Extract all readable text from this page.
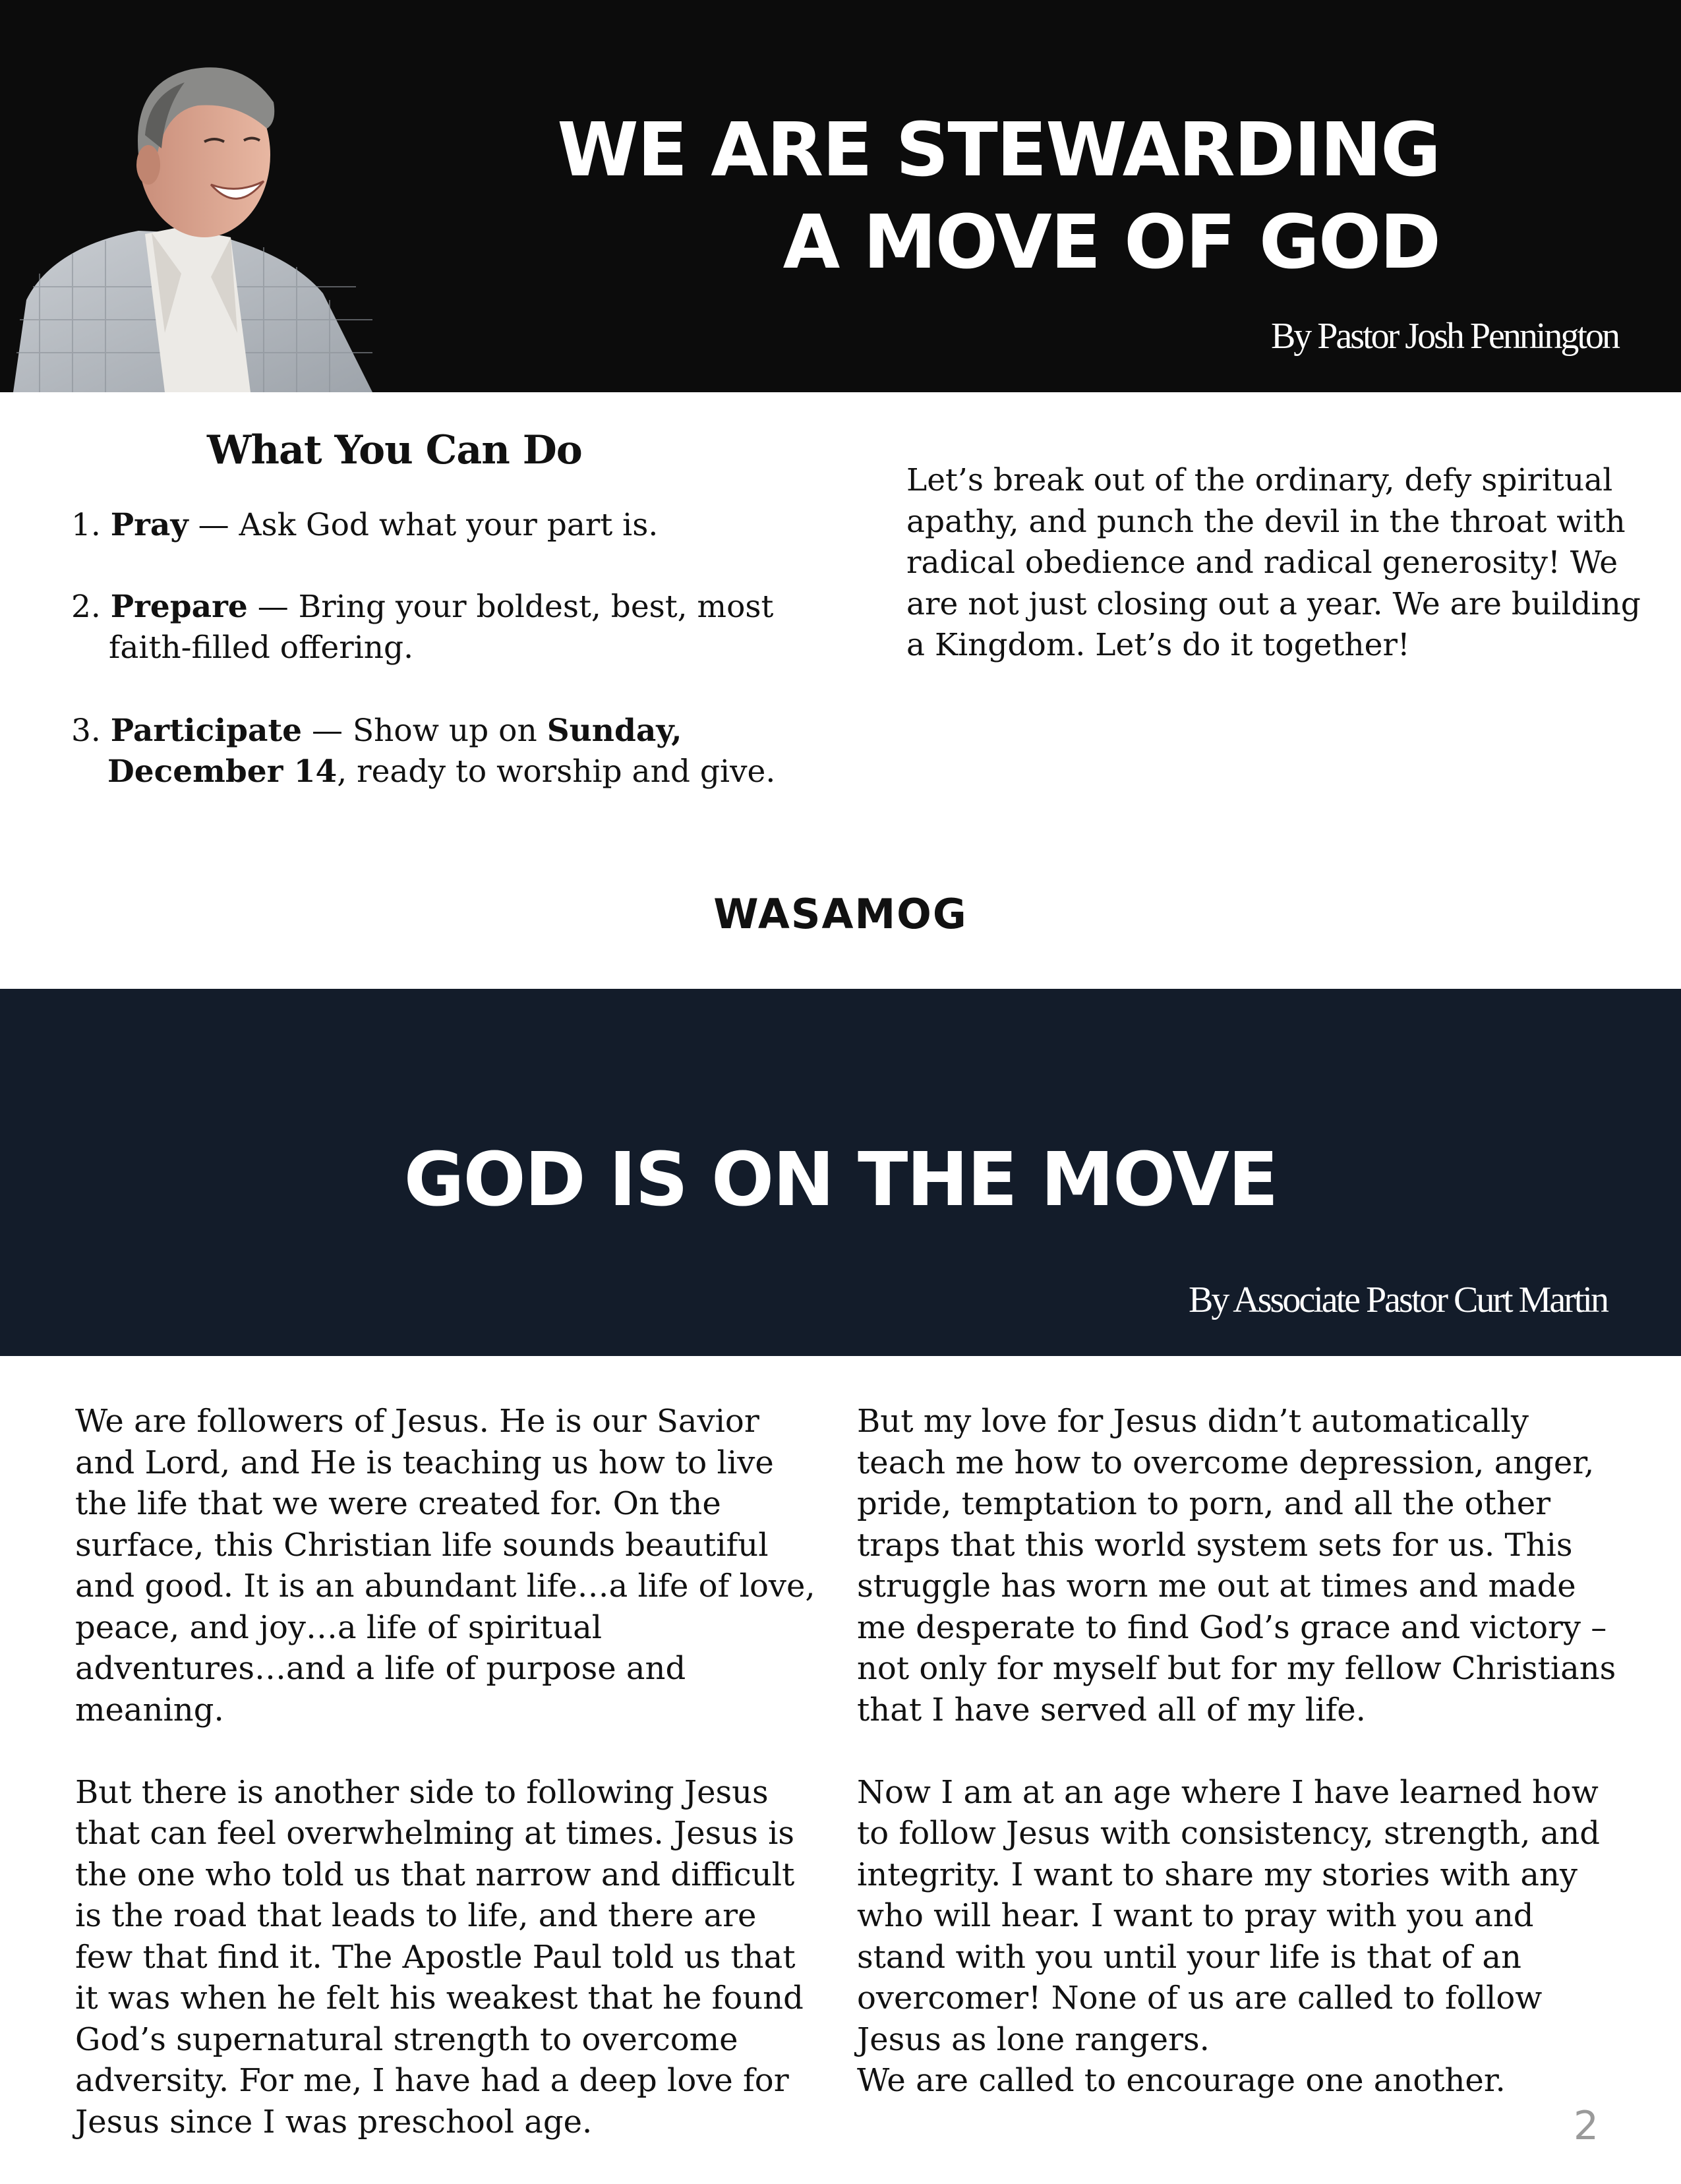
WE ARE STEWARDING
A MOVE OF GOD
By Pastor Josh Pennington
What You Can Do
1. Pray — Ask God what your part is.
2. Prepare — Bring your boldest, best, most
faith-filled offering.
3. Participate — Show up on Sunday,
December 14, ready to worship and give.
Let’s break out of the ordinary, defy spiritual apathy, and punch the devil in the throat with radical obedience and radical generosity! We are not just closing out a year. We are building a Kingdom. Let’s do it together!
WASAMOG
GOD IS ON THE MOVE
By Associate Pastor Curt Martin

We are followers of Jesus. He is our Savior and Lord, and He is teaching us how to live the life that we were created for. On the surface, this Christian life sounds beautiful and good. It is an abundant life…a life of love, peace, and joy…a life of spiritual adventures…and a life of purpose and meaning.

But there is another side to following Jesus that can feel overwhelming at times. Jesus is the one who told us that narrow and difficult is the road that leads to life, and there are few that find it. The Apostle Paul told us that it was when he felt his weakest that he found God’s supernatural strength to overcome adversity. For me, I have had a deep love for Jesus since I was preschool age.

But my love for Jesus didn’t automatically teach me how to overcome depression, anger, pride, temptation to porn, and all the other traps that this world system sets for us. This struggle has worn me out at times and made me desperate to find God’s grace and victory – not only for myself but for my fellow Christians that I have served all of my life.

Now I am at an age where I have learned how to follow Jesus with consistency, strength, and integrity. I want to share my stories with any who will hear. I want to pray with you and stand with you until your life is that of an overcomer! None of us are called to follow Jesus as lone rangers.
We are called to encourage one another.

2
